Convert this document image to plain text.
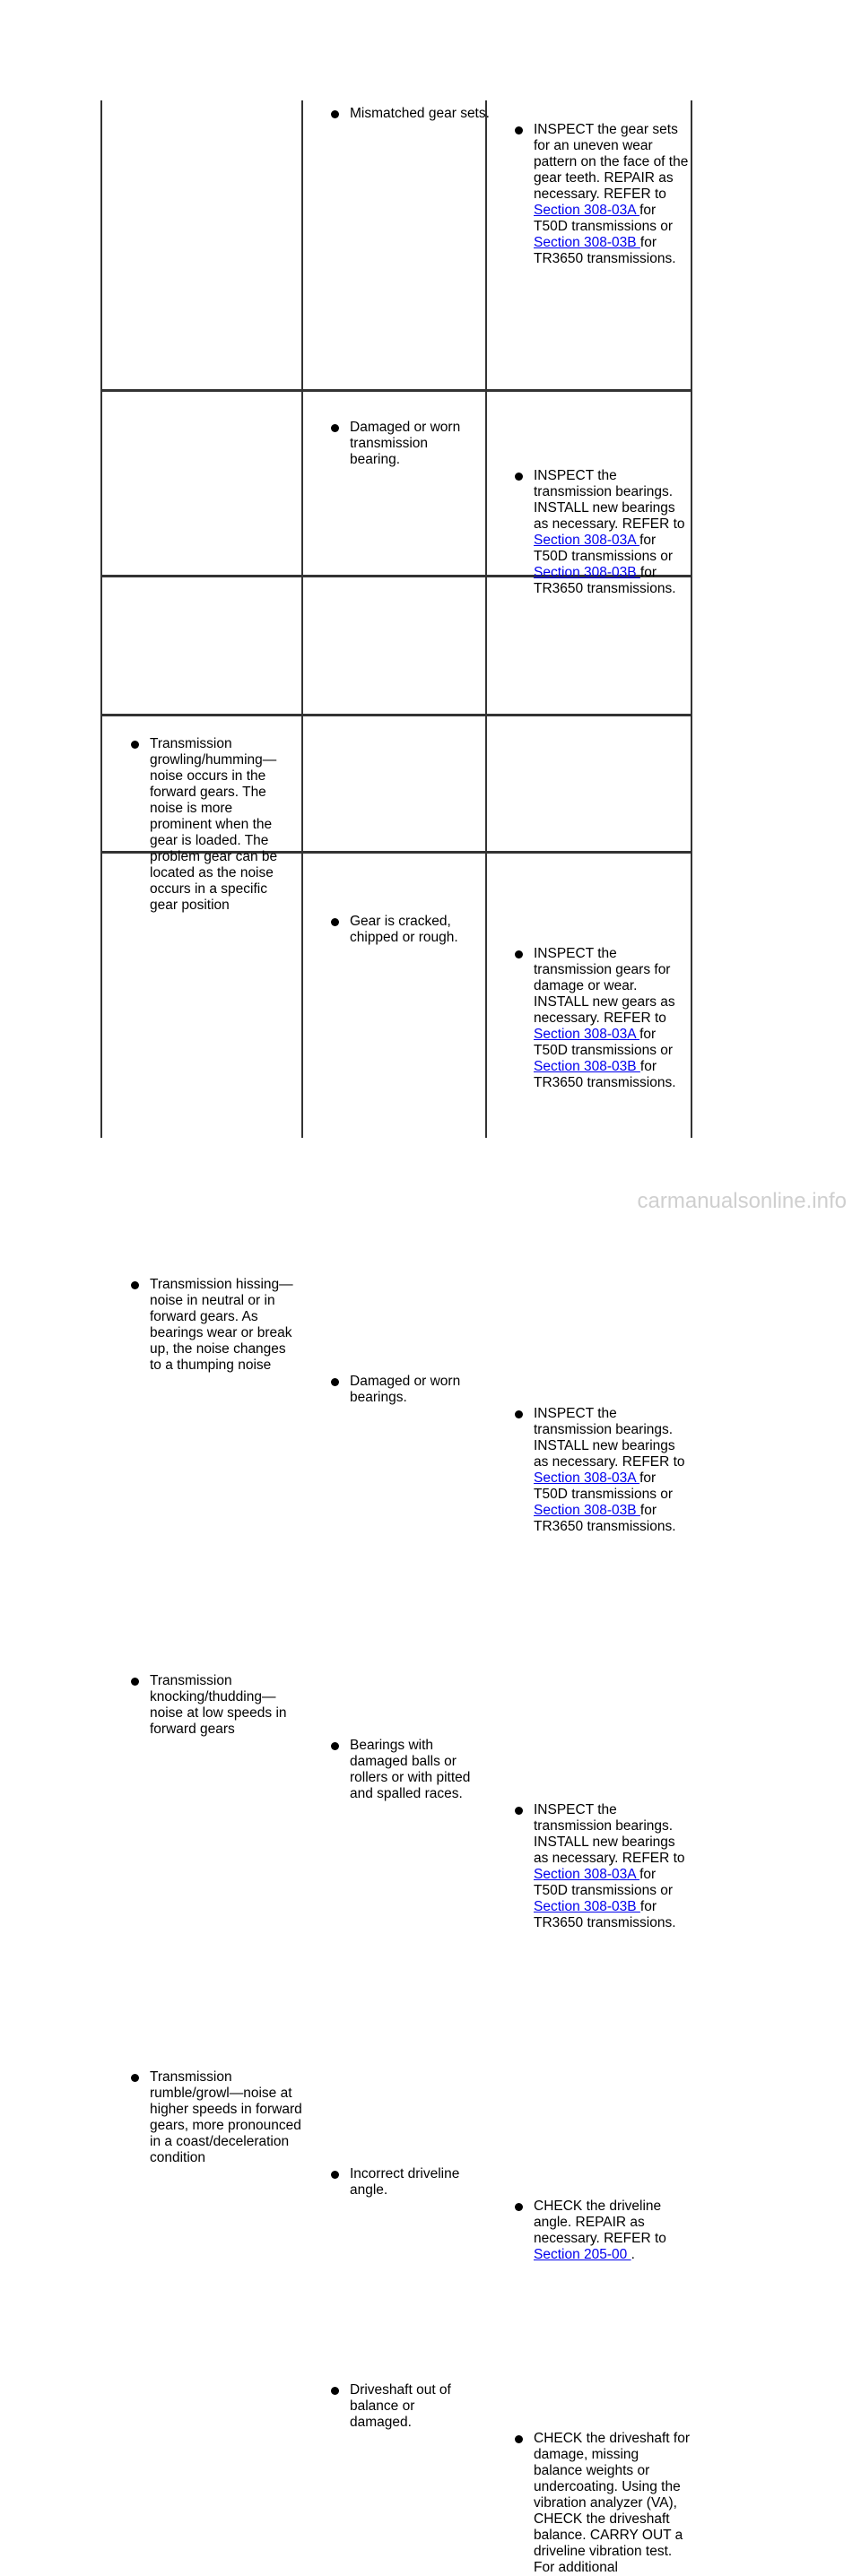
Mismatched gear sets.
INSPECT the gear sets for an uneven wear pattern on the face of the gear teeth. REPAIR as necessary. REFER to Section 308-03A for T50D transmissions or Section 308-03B for TR3650 transmissions.
Damaged or worn transmission bearing.
INSPECT the transmission bearings. INSTALL new bearings as necessary. REFER to Section 308-03A for T50D transmissions or Section 308-03B for TR3650 transmissions.
Transmission growling/humming—noise occurs in the forward gears. The noise is more prominent when the gear is loaded. The problem gear can be located as the noise occurs in a specific gear position
Gear is cracked, chipped or rough.
INSPECT the transmission gears for damage or wear. INSTALL new gears as necessary. REFER to Section 308-03A for T50D transmissions or Section 308-03B for TR3650 transmissions.
Transmission hissing—noise in neutral or in forward gears. As bearings wear or break up, the noise changes to a thumping noise
Damaged or worn bearings.
INSPECT the transmission bearings. INSTALL new bearings as necessary. REFER to Section 308-03A for T50D transmissions or Section 308-03B for TR3650 transmissions.
Transmission knocking/thudding—noise at low speeds in forward gears
Bearings with damaged balls or rollers or with pitted and spalled races.
INSPECT the transmission bearings. INSTALL new bearings as necessary. REFER to Section 308-03A for T50D transmissions or Section 308-03B for TR3650 transmissions.
Transmission rumble/growl—noise at higher speeds in forward gears, more pronounced in a coast/deceleration condition
Incorrect driveline angle.
CHECK the driveline angle. REPAIR as necessary. REFER to Section 205-00 .
Driveshaft out of balance or damaged.
CHECK the driveshaft for damage, missing balance weights or undercoating. Using the vibration analyzer (VA), CHECK the driveshaft balance. CARRY OUT a driveline vibration test. For additional
carmanualsonline.info
